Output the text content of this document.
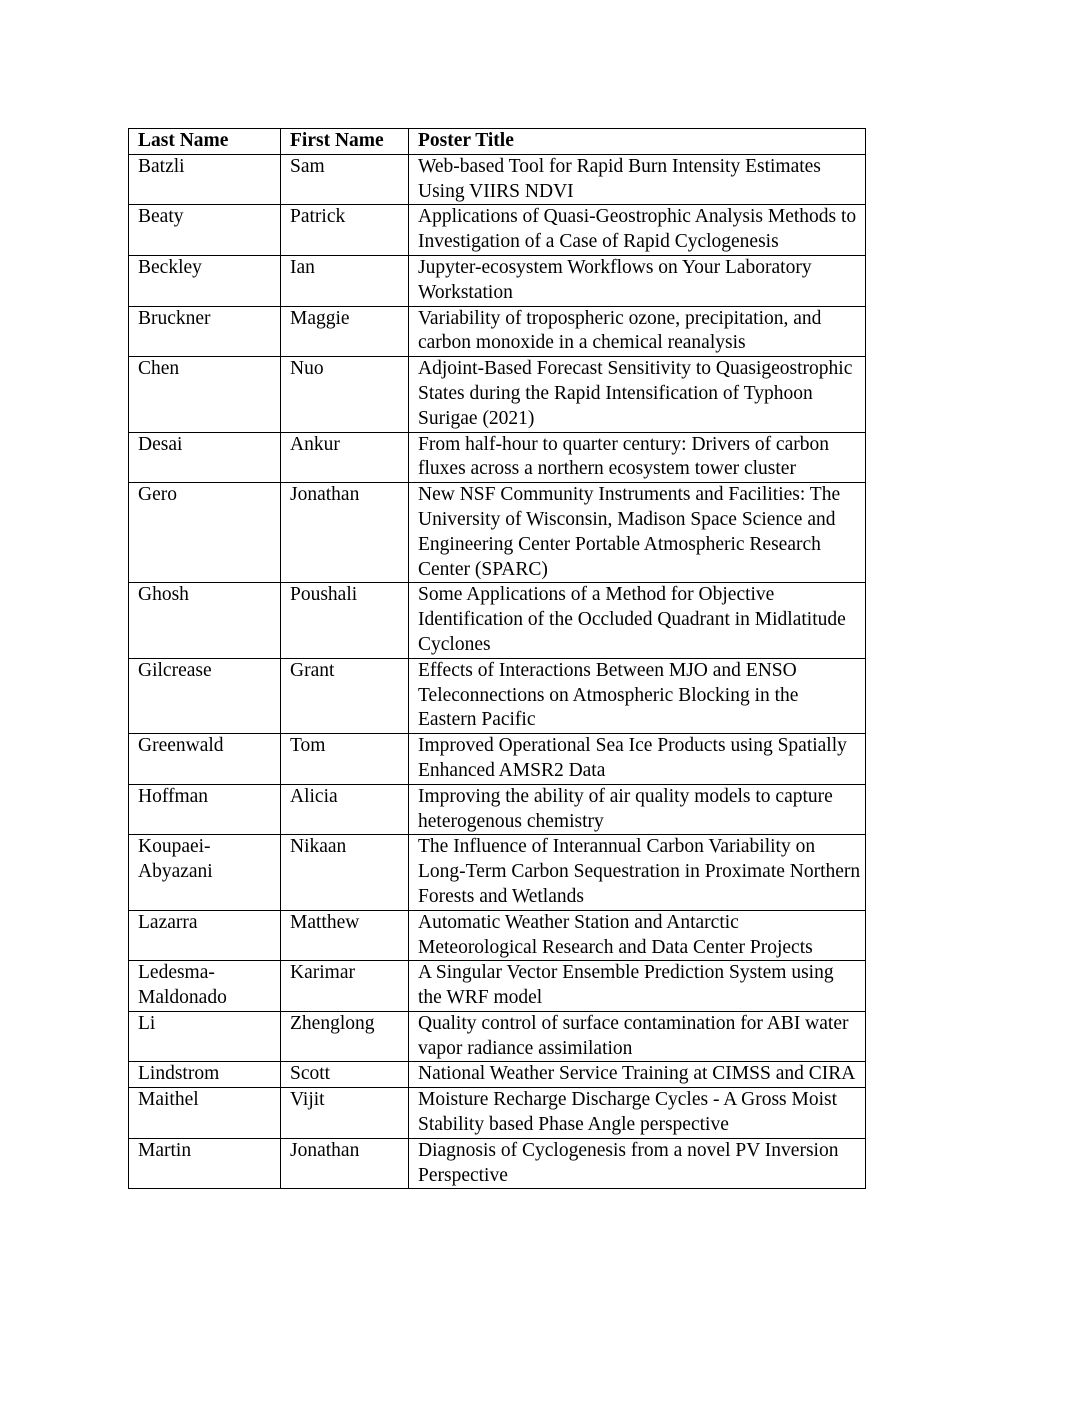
Last Name	First Name	Poster Title
Batzli	Sam	Web-based Tool for Rapid Burn Intensity Estimates Using VIIRS NDVI
Beaty	Patrick	Applications of Quasi-Geostrophic Analysis Methods to Investigation of a Case of Rapid Cyclogenesis
Beckley	Ian	Jupyter-ecosystem Workflows on Your Laboratory Workstation
Bruckner	Maggie	Variability of tropospheric ozone, precipitation, and carbon monoxide in a chemical reanalysis
Chen	Nuo	Adjoint-Based Forecast Sensitivity to Quasigeostrophic States during the Rapid Intensification of Typhoon Surigae (2021)
Desai	Ankur	From half-hour to quarter century: Drivers of carbon fluxes across a northern ecosystem tower cluster
Gero	Jonathan	New NSF Community Instruments and Facilities: The University of Wisconsin, Madison Space Science and Engineering Center Portable Atmospheric Research Center (SPARC)
Ghosh	Poushali	Some Applications of a Method for Objective Identification of the Occluded Quadrant in Midlatitude Cyclones
Gilcrease	Grant	Effects of Interactions Between MJO and ENSO Teleconnections on Atmospheric Blocking in the Eastern Pacific
Greenwald	Tom	Improved Operational Sea Ice Products using Spatially Enhanced AMSR2 Data
Hoffman	Alicia	Improving the ability of air quality models to capture heterogenous chemistry
Koupaei-Abyazani	Nikaan	The Influence of Interannual Carbon Variability on Long-Term Carbon Sequestration in Proximate Northern Forests and Wetlands
Lazarra	Matthew	Automatic Weather Station and Antarctic Meteorological Research and Data Center Projects
Ledesma-Maldonado	Karimar	A Singular Vector Ensemble Prediction System using the WRF model
Li	Zhenglong	Quality control of surface contamination for ABI water vapor radiance assimilation
Lindstrom	Scott	National Weather Service Training at CIMSS and CIRA
Maithel	Vijit	Moisture Recharge Discharge Cycles - A Gross Moist Stability based Phase Angle perspective
Martin	Jonathan	Diagnosis of Cyclogenesis from a novel PV Inversion Perspective
